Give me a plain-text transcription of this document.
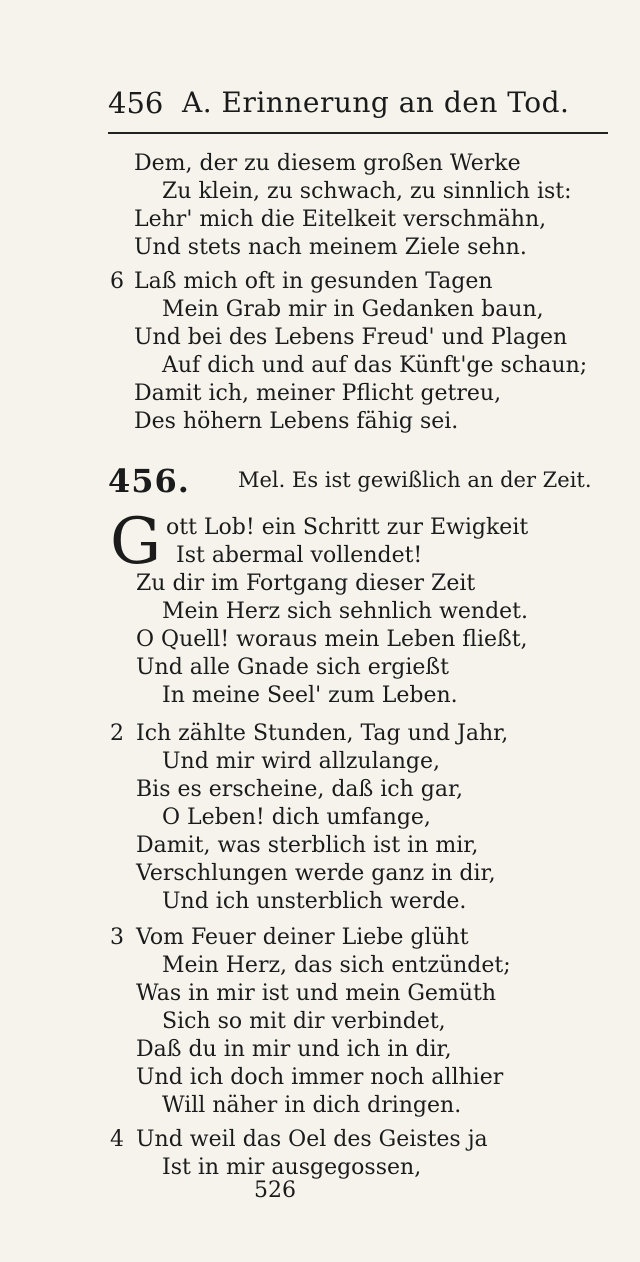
456 A. Erinnerung an den Tod.
Dem, der zu diesem großen Werke
Zu klein, zu schwach, zu sinnlich ist:
Lehr' mich die Eitelkeit verschmähn,
Und stets nach meinem Ziele sehn.
6 Laß mich oft in gesunden Tagen
Mein Grab mir in Gedanken baun,
Und bei des Lebens Freud' und Plagen
Auf dich und auf das Künft'ge schaun;
Damit ich, meiner Pflicht getreu,
Des höhern Lebens fähig sei.
456. Mel. Es ist gewißlich an der Zeit.
G ott Lob! ein Schritt zur Ewigkeit
Ist abermal vollendet!
Zu dir im Fortgang dieser Zeit
Mein Herz sich sehnlich wendet.
O Quell! woraus mein Leben fließt,
Und alle Gnade sich ergießt
In meine Seel' zum Leben.
2 Ich zählte Stunden, Tag und Jahr,
Und mir wird allzulange,
Bis es erscheine, daß ich gar,
O Leben! dich umfange,
Damit, was sterblich ist in mir,
Verschlungen werde ganz in dir,
Und ich unsterblich werde.
3 Vom Feuer deiner Liebe glüht
Mein Herz, das sich entzündet;
Was in mir ist und mein Gemüth
Sich so mit dir verbindet,
Daß du in mir und ich in dir,
Und ich doch immer noch allhier
Will näher in dich dringen.
4 Und weil das Oel des Geistes ja
Ist in mir ausgegossen,
526
